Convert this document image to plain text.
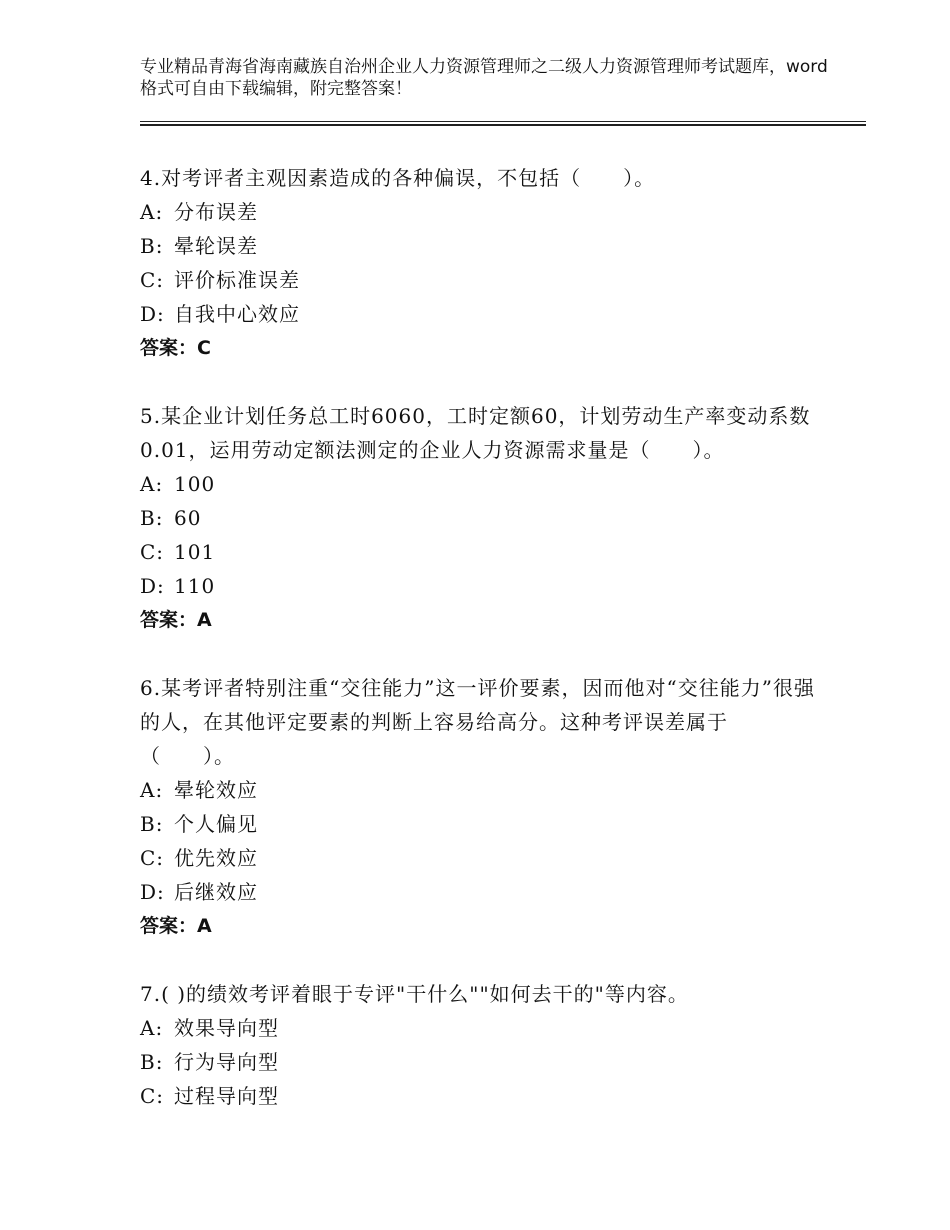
专业精品青海省海南藏族自治州企业人力资源管理师之二级人力资源管理师考试题库，word格式可自由下载编辑，附完整答案！

4.对考评者主观因素造成的各种偏误，不包括（　　）。

A: 分布误差

B: 晕轮误差

C: 评价标准误差

D: 自我中心效应

答案：C

5.某企业计划任务总工时6060，工时定额60，计划劳动生产率变动系数0.01，运用劳动定额法测定的企业人力资源需求量是（　　）。

A: 100

B: 60

C: 101

D: 110

答案：A

6.某考评者特别注重“交往能力”这一评价要素，因而他对“交往能力”很强的人，在其他评定要素的判断上容易给高分。这种考评误差属于（　　）。

A: 晕轮效应

B: 个人偏见

C: 优先效应

D: 后继效应

答案：A

7.( )的绩效考评着眼于专评"干什么""如何去干的"等内容。

A: 效果导向型

B: 行为导向型

C: 过程导向型
